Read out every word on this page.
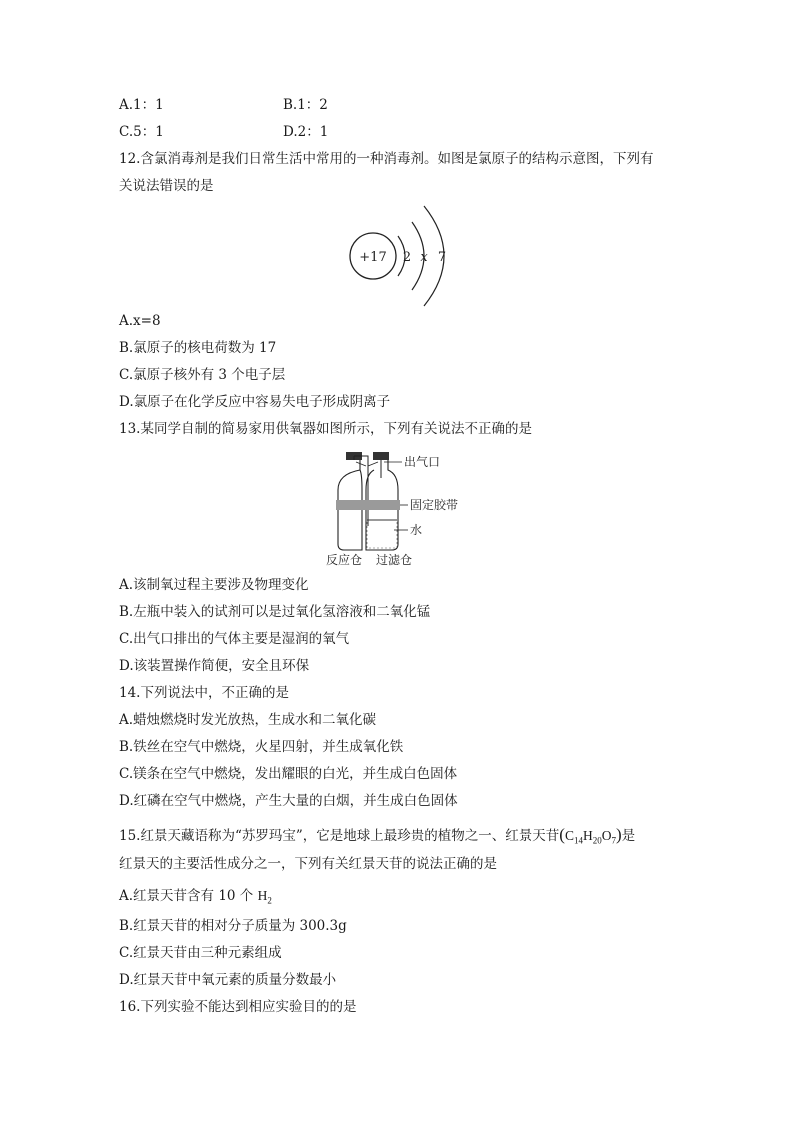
A.1：1	B.1：2
C.5：1	D.2：1
12.含氯消毒剂是我们日常生活中常用的一种消毒剂。如图是氯原子的结构示意图，下列有
关说法错误的是
+17 2 x 7
A.x=8
B.氯原子的核电荷数为 17
C.氯原子核外有 3 个电子层
D.氯原子在化学反应中容易失电子形成阴离子
13.某同学自制的简易家用供氧器如图所示，下列有关说法不正确的是
出气口
固定胶带
水
反应仓 过滤仓
A.该制氧过程主要涉及物理变化
B.左瓶中装入的试剂可以是过氧化氢溶液和二氧化锰
C.出气口排出的气体主要是湿润的氧气
D.该装置操作简便，安全且环保
14.下列说法中，不正确的是
A.蜡烛燃烧时发光放热，生成水和二氧化碳
B.铁丝在空气中燃烧，火星四射，并生成氧化铁
C.镁条在空气中燃烧，发出耀眼的白光，并生成白色固体
D.红磷在空气中燃烧，产生大量的白烟，并生成白色固体
15.红景天藏语称为“苏罗玛宝”，它是地球上最珍贵的植物之一、红景天苷$(C_{14}H_{20}O_7)$是
红景天的主要活性成分之一，下列有关红景天苷的说法正确的是
A.红景天苷含有 10 个 $H_2$
B.红景天苷的相对分子质量为 300.3g
C.红景天苷由三种元素组成
D.红景天苷中氧元素的质量分数最小
16.下列实验不能达到相应实验目的的是
